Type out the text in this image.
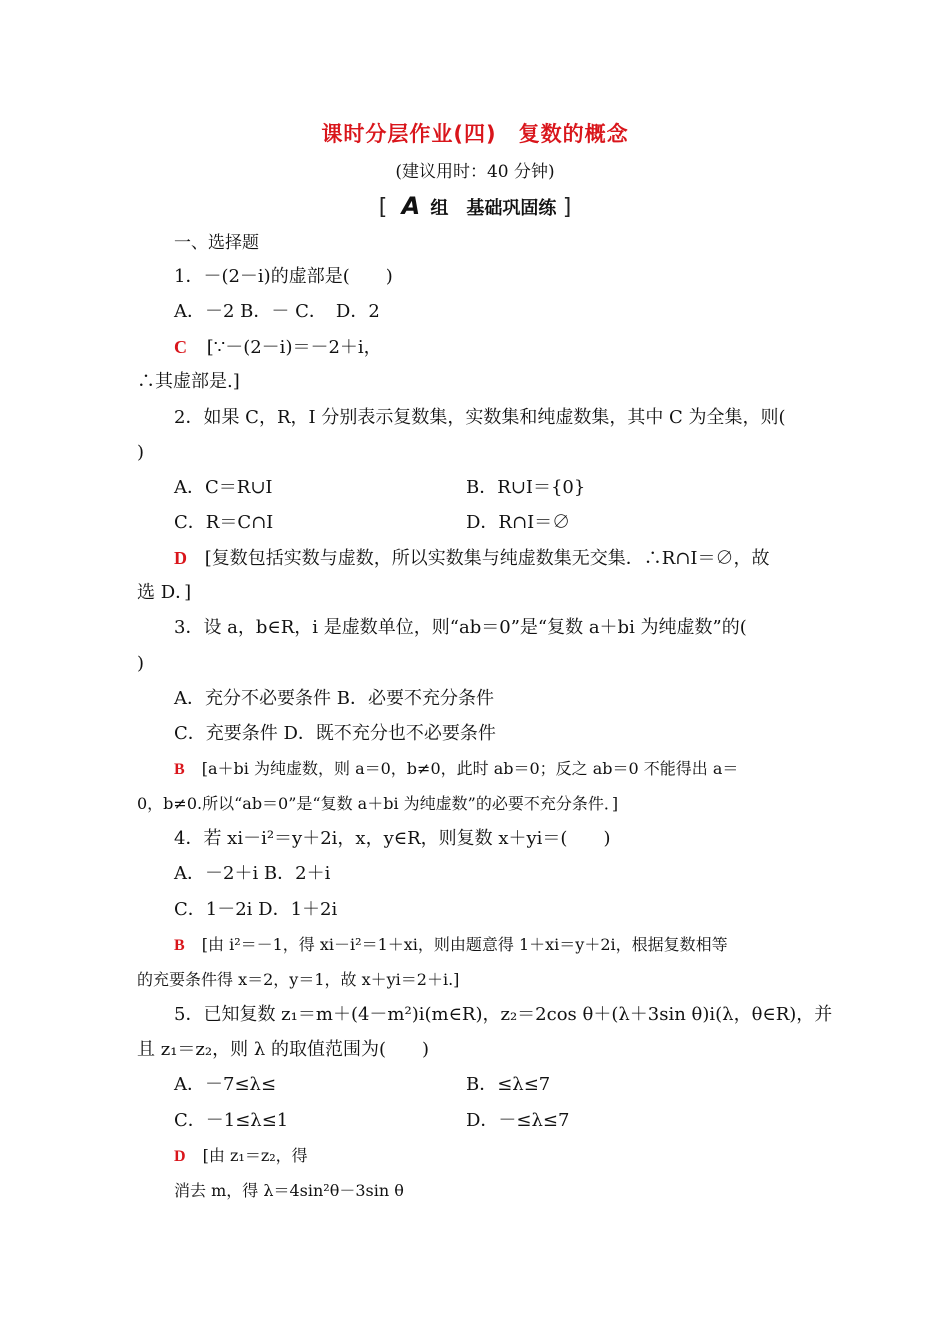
课时分层作业(四)　复数的概念
(建议用时：40 分钟)
[ A 组　基础巩固练 ]
一、选择题
1．－(2－i)的虚部是(　　)
A．－2 B．－ C．　D．2
C [∵－(2－i)＝－2＋i，
∴其虚部是.]
2．如果 C，R，I 分别表示复数集，实数集和纯虚数集，其中 C 为全集，则(
)
A．C＝R∪I	B．R∪I＝{0}
C．R＝C∩I	D．R∩I＝∅
D [复数包括实数与虚数，所以实数集与纯虚数集无交集．∴R∩I＝∅，故
选 D．]
3．设 a，b∈R，i 是虚数单位，则“ab＝0”是“复数 a＋bi 为纯虚数”的(
)
A．充分不必要条件 B．必要不充分条件
C．充要条件 D．既不充分也不必要条件
B [a＋bi 为纯虚数，则 a＝0，b≠0，此时 ab＝0；反之 ab＝0 不能得出 a＝
0，b≠0.所以“ab＝0”是“复数 a＋bi 为纯虚数”的必要不充分条件．]
4．若 xi－i²＝y＋2i，x，y∈R，则复数 x＋yi＝(　　)
A．－2＋i B．2＋i
C．1－2i D．1＋2i
B [由 i²＝－1，得 xi－i²＝1＋xi，则由题意得 1＋xi＝y＋2i，根据复数相等
的充要条件得 x＝2，y＝1，故 x＋yi＝2＋i.]
5．已知复数 z₁＝m＋(4－m²)i(m∈R)，z₂＝2cos θ＋(λ＋3sin θ)i(λ，θ∈R)，并
且 z₁＝z₂，则 λ 的取值范围为(　　)
A．－7≤λ≤	B．≤λ≤7
C．－1≤λ≤1	D．－≤λ≤7
D [由 z₁＝z₂，得
消去 m，得 λ＝4sin²θ－3sin θ
